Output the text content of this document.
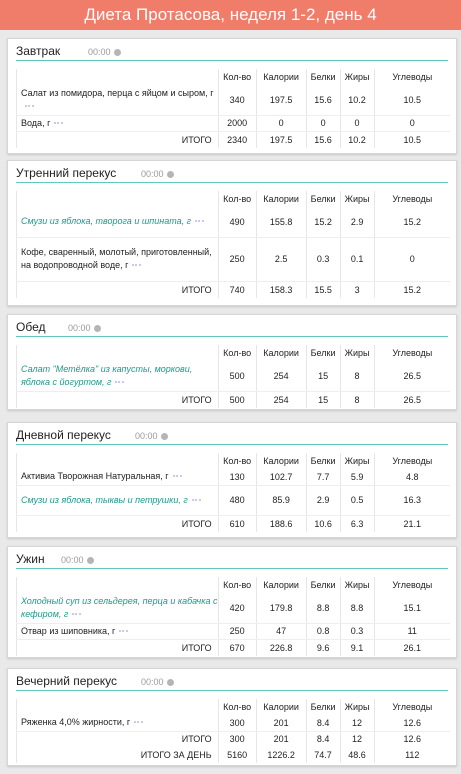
Диета Протасова, неделя 1-2, день 4
Завтрак	00:00
	Кол-во	Калории	Белки	Жиры	Углеводы
Салат из помидора, перца с яйцом и сыром, г	340	197.5	15.6	10.2	10.5
Вода, г	2000	0	0	0	0
ИТОГО	2340	197.5	15.6	10.2	10.5
Утренний перекус	00:00
	Кол-во	Калории	Белки	Жиры	Углеводы
Смузи из яблока, творога и шпината, г	490	155.8	15.2	2.9	15.2
Кофе, сваренный, молотый, приготовленный, на водопроводной воде, г	250	2.5	0.3	0.1	0
ИТОГО	740	158.3	15.5	3	15.2
Обед	00:00
	Кол-во	Калории	Белки	Жиры	Углеводы
Салат "Метёлка" из капусты, моркови, яблока с йогуртом, г	500	254	15	8	26.5
ИТОГО	500	254	15	8	26.5
Дневной перекус	00:00
	Кол-во	Калории	Белки	Жиры	Углеводы
Активиа Творожная Натуральная, г	130	102.7	7.7	5.9	4.8
Смузи из яблока, тыквы и петрушки, г	480	85.9	2.9	0.5	16.3
ИТОГО	610	188.6	10.6	6.3	21.1
Ужин 00:00
	Кол-во	Калории	Белки	Жиры	Углеводы
Холодный суп из сельдерея, перца и кабачка с кефиром, г	420	179.8	8.8	8.8	15.1
Отвар из шиповника, г	250	47	0.8	0.3	11
ИТОГО	670	226.8	9.6	9.1	26.1
Вечерний перекус	00:00
	Кол-во	Калории	Белки	Жиры	Углеводы
Ряженка 4,0% жирности, г	300	201	8.4	12	12.6
ИТОГО	300	201	8.4	12	12.6
ИТОГО ЗА ДЕНЬ	5160	1226.2	74.7	48.6	112
